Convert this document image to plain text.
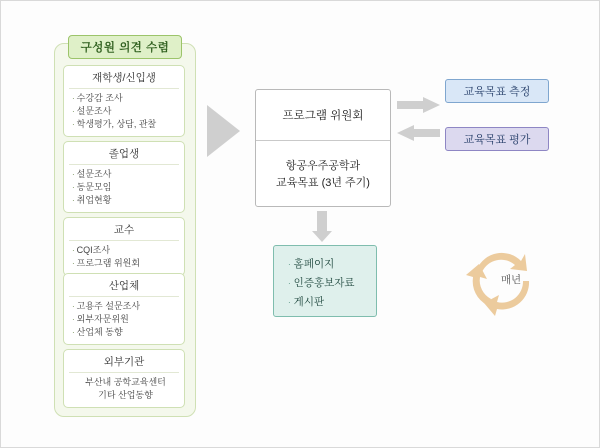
구성원 의견 수렴
재학생/신입생
· 수강감 조사
· 설문조사
· 학생평가, 상담, 관찰
졸업생
· 설문조사
· 동문모임
· 취업현황
교수
· CQI조사
· 프로그램 위원회
산업체
· 고용주 설문조사
· 외부자문위원
· 산업체 동향
외부기관
부산내 공학교육센터
기타 산업동향
프로그램 위원회
항공우주공학과
교육목표 (3년 주기)
교육목표 측정
교육목표 평가
· 홈페이지
· 인증홍보자료
· 게시판
매년
